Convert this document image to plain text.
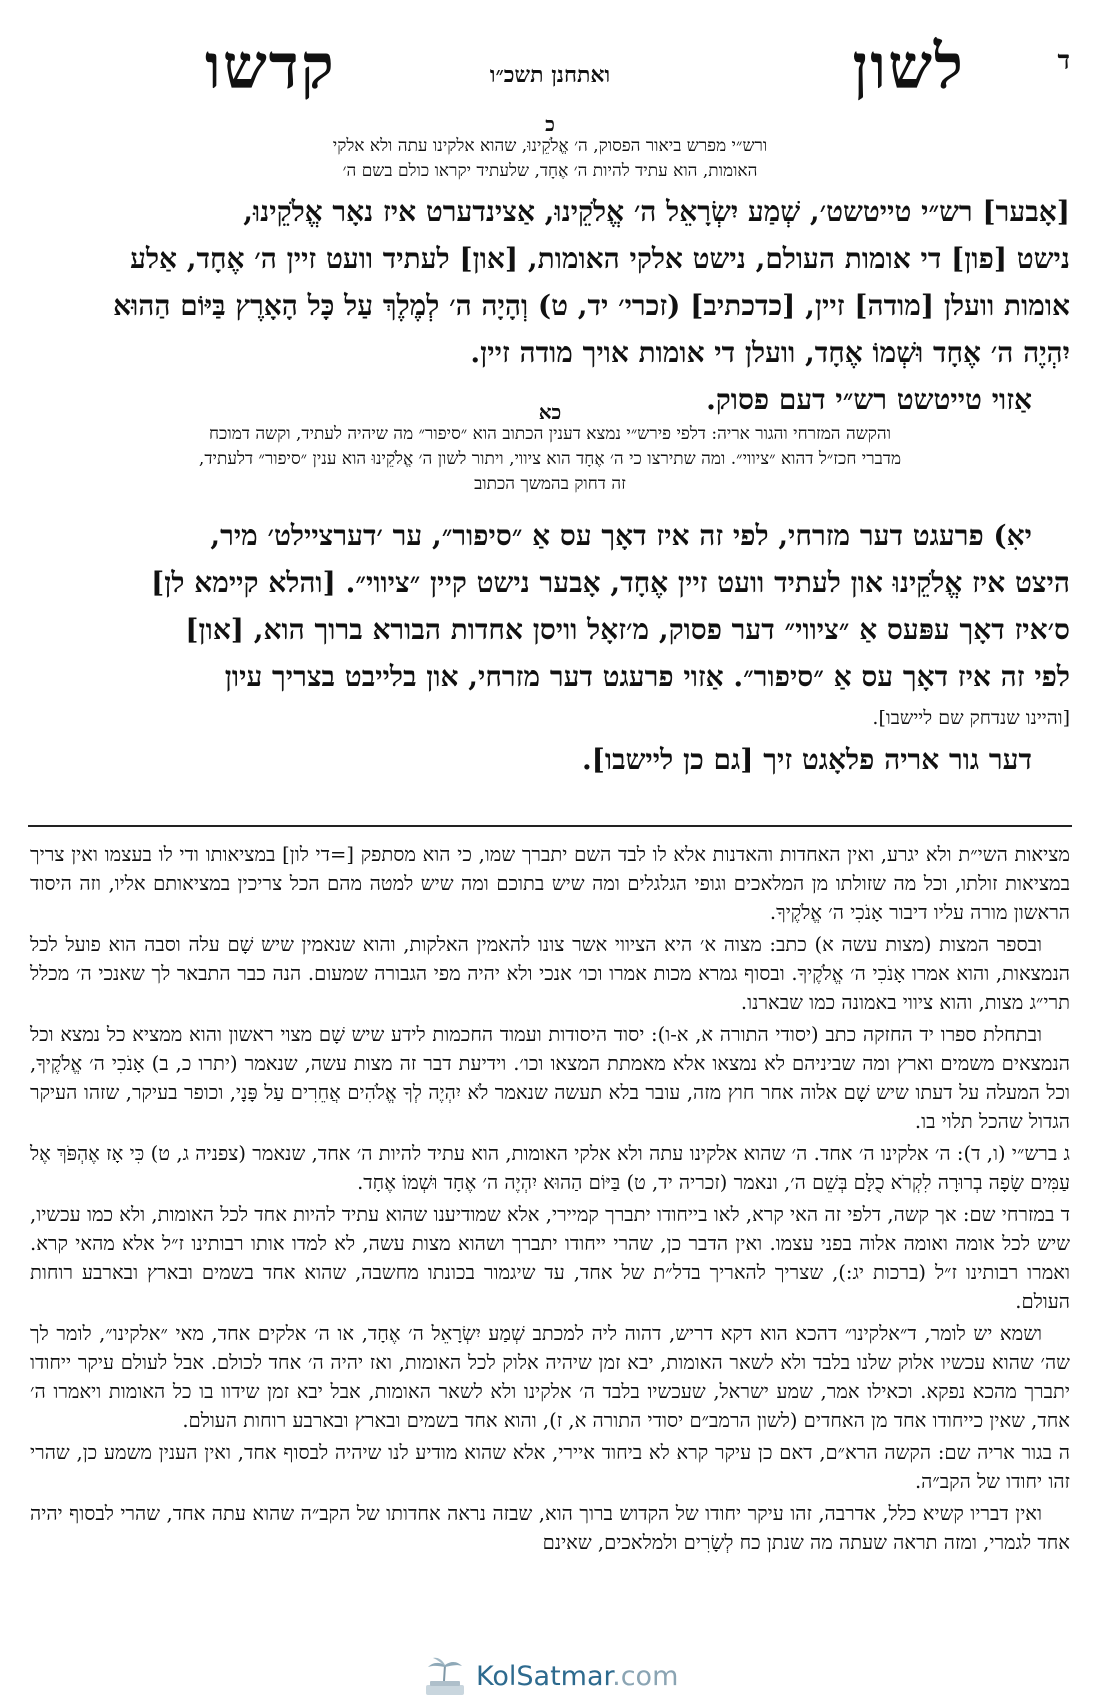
ד
לשון
ואתחנן תשכ״ו
קדשו
כ
ורש״י מפרש ביאור הפסוק, ה׳ אֱלֹקֵינוּ, שהוא אלקינו עתה ולא אלקי
האומות, הוא עתיד להיות ה׳ אֶחָד, שלעתיד יקראו כולם בשם ה׳
[אָבער] רש״י טייטשט׳, שְׁמַע יִשְׂרָאֵל ה׳ אֱלֹקֵינוּ, אַצינדערט איז נאָר אֱלֹקֵינוּ,
נישט [פון] די אומות העולם, נישט אלקי האומות, [און] לעתיד וועט זיין ה׳ אֶחָד, אַלע
אומות וועלן [מודה] זיין, [כדכתיב] (זכרי׳ יד, ט) וְהָיָה ה׳ לְמֶלֶךְ עַל כָּל הָאָרֶץ בַּיּוֹם הַהוּא
יִהְיֶה ה׳ אֶחָד וּשְׁמוֹ אֶחָד, וועלן די אומות אויך מודה זיין.
אַזוי טייטשט רש״י דעם פסוק.
כא
והקשה המזרחי והגור אריה: דלפי פירש״י נמצא דענין הכתוב הוא ״סיפור״ מה שיהיה לעתיד, וקשה דמוכח
מדברי חכז״ל דהוא ״ציווי״. ומה שתירצו כי ה׳ אֶחָד הוא ציווי, ויתור לשון ה׳ אֱלֹקֵינוּ הוא ענין ״סיפור״ דלעתיד,
זה דחוק בהמשך הכתוב
יאִ) פרעגט דער מזרחי, לפי זה איז דאָך עס אַ ״סיפור״, ער ׳דערציילט׳ מיר,
היצט איז אֱלֹקֵינוּ און לעתיד וועט זיין אֶחָד, אָבער נישט קיין ״ציווי״. [והלא קיימא לן]
ס׳איז דאָך עפּעס אַ ״ציווי״ דער פסוק, מ׳זאָל וויסן אחדות הבורא ברוך הוא, [און]
לפי זה איז דאָך עס אַ ״סיפור״. אַזוי פרעגט דער מזרחי, און בלייבט בצריך עיון
[והיינו שנדחק שם ליישבו].
דער גור אריה פלאָגט זיך [גם כן ליישבו].

מציאות השי״ת ולא יגרע, ואין האחדות והאדנות אלא לו לבד השם יתברך שמו, כי הוא מסתפק [=די לון] במציאותו ודי לו בעצמו ואין צריך במציאות זולתו, וכל מה שזולתו מן המלאכים וגופי הגלגלים ומה שיש בתוכם ומה שיש למטה מהם הכל צריכין במציאותם אליו, וזה היסוד הראשון מורה עליו דיבור אָנֹכִי ה׳ אֱלֹקֶיךָ.

ובספר המצות (מצות עשה א) כתב: מצוה א׳ היא הציווי אשר צונו להאמין האלקות, והוא שנאמין שיש שָׁם עלה וסבה הוא פועל לכל הנמצאות, והוא אמרו אָנֹכִי ה׳ אֱלֹקֶיךָ. ובסוף גמרא מכות אמרו וכו׳ אנכי ולא יהיה מפי הגבורה שמעום. הנה כבר התבאר לך שאנכי ה׳ מכלל תרי״ג מצות, והוא ציווי באמונה כמו שבארנו.

ובתחלת ספרו יד החזקה כתב (יסודי התורה א, א-ו): יסוד היסודות ועמוד החכמות לידע שיש שָׁם מצוי ראשון והוא ממציא כל נמצא וכל הנמצאים משמים וארץ ומה שביניהם לא נמצאו אלא מאמתת המצאו וכו׳. וידיעת דבר זה מצות עשה, שנאמר (יתרו כ, ב) אָנֹכִי ה׳ אֱלֹקֶיךָ, וכל המעלה על דעתו שיש שָׁם אלוה אחר חוץ מזה, עובר בלא תעשה שנאמר לֹא יִהְיֶה לְךָ אֱלֹהִים אֲחֵרִים עַל פָּנָי, וכופר בעיקר, שזהו העיקר הגדול שהכל תלוי בו.

ג ברש״י (ו, ד): ה׳ אלקינו ה׳ אחד. ה׳ שהוא אלקינו עתה ולא אלקי האומות, הוא עתיד להיות ה׳ אחד, שנאמר (צפניה ג, ט) כִּי אָז אֶהְפֹּךְ אֶל עַמִּים שָׂפָה בְרוּרָה לִקְרֹא כֻלָּם בְּשֵׁם ה׳, ונאמר (זכריה יד, ט) בַּיּוֹם הַהוּא יִהְיֶה ה׳ אֶחָד וּשְׁמוֹ אֶחָד.

ד במזרחי שם: אך קשה, דלפי זה האי קרא, לאו בייחודו יתברך קמיירי, אלא שמודיענו שהוא עתיד להיות אחד לכל האומות, ולא כמו עכשיו, שיש לכל אומה ואומה אלוה בפני עצמו. ואין הדבר כן, שהרי ייחודו יתברך ושהוא מצות עשה, לא למדו אותו רבותינו ז״ל אלא מהאי קרא. ואמרו רבותינו ז״ל (ברכות יג:), שצריך להאריך בדל״ת של אחד, עד שיגמור בכונתו מחשבה, שהוא אחד בשמים ובארץ ובארבע רוחות העולם.

ושמא יש לומר, ד״אלקינו״ דהכא הוא דקא דריש, דהוה ליה למכתב שְׁמַע יִשְׂרָאֵל ה׳ אֶחָד, או ה׳ אלקים אחד, מאי ״אלקינו״, לומר לך שה׳ שהוא עכשיו אלוק שלנו בלבד ולא לשאר האומות, יבא זמן שיהיה אלוק לכל האומות, ואז יהיה ה׳ אחד לכולם. אבל לעולם עיקר ייחודו יתברך מהכא נפקא. וכאילו אמר, שמע ישראל, שעכשיו בלבד ה׳ אלקינו ולא לשאר האומות, אבל יבא זמן שידוו בו כל האומות ויאמרו ה׳ אחד, שאין כייחודו אחד מן האחדים (לשון הרמב״ם יסודי התורה א, ז), והוא אחד בשמים ובארץ ובארבע רוחות העולם.

ה בגור אריה שם: הקשה הרא״ם, דאם כן עיקר קרא לא ביחוד איירי, אלא שהוא מודיע לנו שיהיה לבסוף אחד, ואין הענין משמע כן, שהרי זהו יחודו של הקב״ה.

ואין דבריו קשיא כלל, אדרבה, זהו עיקר יחודו של הקדוש ברוך הוא, שבזה נראה אחדותו של הקב״ה שהוא עתה אחד, שהרי לבסוף יהיה אחד לגמרי, ומזה תראה שעתה מה שנתן כח לְשָׂרִים ולמלאכים, שאינם

KolSatmar.com
